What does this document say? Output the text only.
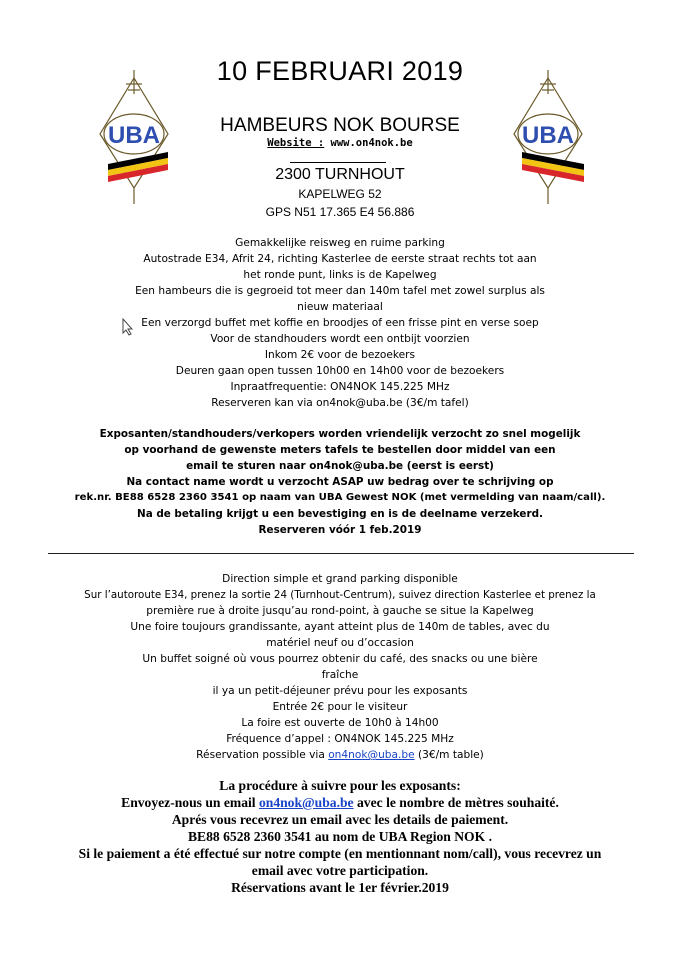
UBA	UBA
10 FEBRUARI 2019
HAMBEURS NOK BOURSE
Website : www.on4nok.be
2300 TURNHOUT
KAPELWEG 52
GPS N51 17.365 E4 56.886
Gemakkelijke reisweg en ruime parking
Autostrade E34, Afrit 24, richting Kasterlee de eerste straat rechts tot aan
het ronde punt, links is de Kapelweg
Een hambeurs die is gegroeid tot meer dan 140m tafel met zowel surplus als
nieuw materiaal
Een verzorgd buffet met koffie en broodjes of een frisse pint en verse soep
Voor de standhouders wordt een ontbijt voorzien
Inkom 2€ voor de bezoekers
Deuren gaan open tussen 10h00 en 14h00 voor de bezoekers
Inpraatfrequentie: ON4NOK 145.225 MHz
Reserveren kan via on4nok@uba.be (3€/m tafel)
Exposanten/standhouders/verkopers worden vriendelijk verzocht zo snel mogelijk
op voorhand de gewenste meters tafels te bestellen door middel van een
email te sturen naar on4nok@uba.be (eerst is eerst)
Na contact name wordt u verzocht ASAP uw bedrag over te schrijving op
rek.nr. BE88 6528 2360 3541 op naam van UBA Gewest NOK (met vermelding van naam/call).
Na de betaling krijgt u een bevestiging en is de deelname verzekerd.
Reserveren vóór 1 feb.2019
Direction simple et grand parking disponible
Sur l’autoroute E34, prenez la sortie 24 (Turnhout-Centrum), suivez direction Kasterlee et prenez la
première rue à droite jusqu’au rond-point, à gauche se situe la Kapelweg
Une foire toujours grandissante, ayant atteint plus de 140m de tables, avec du
matériel neuf ou d’occasion
Un buffet soigné où vous pourrez obtenir du café, des snacks ou une bière
fraîche
il ya un petit-déjeuner prévu pour les exposants
Entrée 2€ pour le visiteur
La foire est ouverte de 10h0 à 14h00
Fréquence d’appel : ON4NOK 145.225 MHz
Réservation possible via on4nok@uba.be (3€/m table)
La procédure à suivre pour les exposants:
Envoyez-nous un email on4nok@uba.be avec le nombre de mètres souhaité.
Aprés vous recevrez un email avec les details de paiement.
BE88 6528 2360 3541 au nom de UBA Region NOK .
Si le paiement a été effectué sur notre compte (en mentionnant nom/call), vous recevrez un
email avec votre participation.
Réservations avant le 1er février.2019
